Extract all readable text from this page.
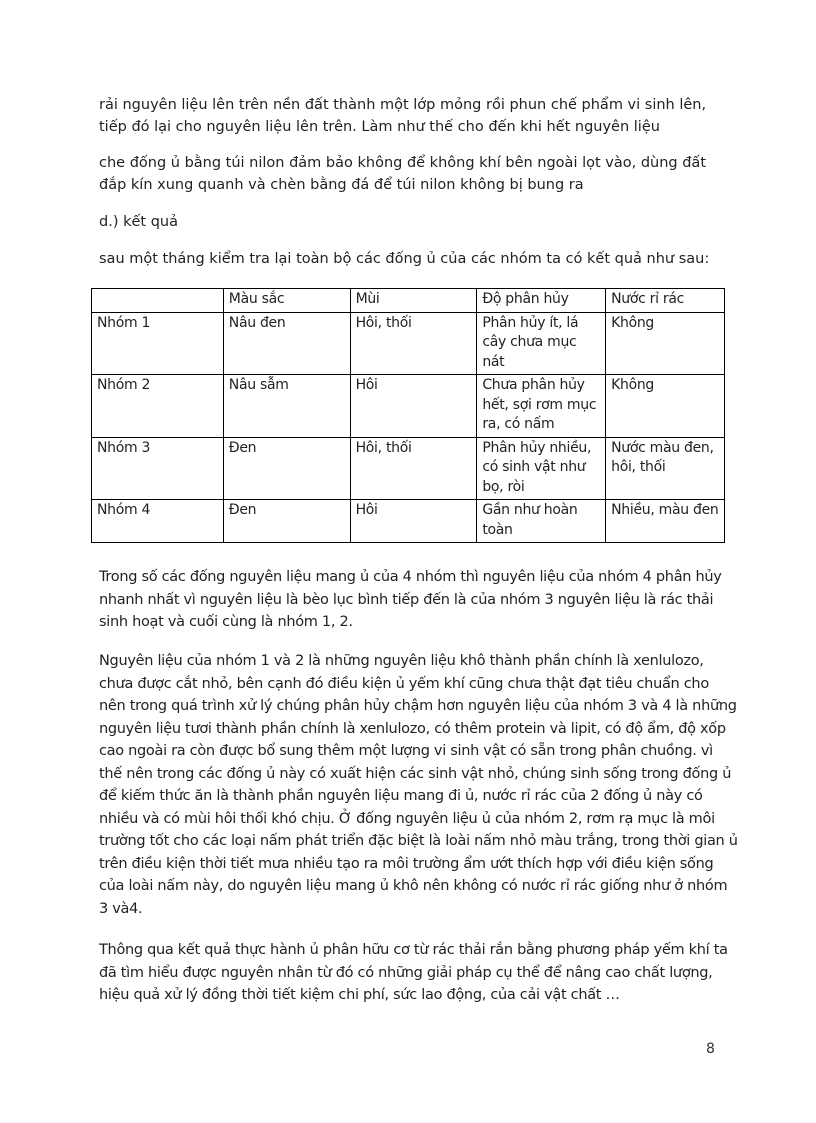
rải nguyên liệu lên trên nền đất thành một lớp mỏng rồi phun chế phẩm vi sinh lên,
tiếp đó lại cho nguyên liệu lên trên. Làm như thế cho đến khi hết nguyên liệu
che đống ủ bằng túi nilon đảm bảo không để không khí bên ngoài lọt vào, dùng đất
đắp kín xung quanh và chèn bằng đá để túi nilon không bị bung ra
d.) kết quả
sau một tháng kiểm tra lại toàn bộ các đống ủ của các nhóm ta có kết quả như sau:
	Màu sắc	Mùi	Độ phân hủy	Nước rỉ rác
Nhóm 1	Nâu đen	Hôi, thối	Phân hủy ít, lá cây chưa mục nát	Không
Nhóm 2	Nâu sẫm	Hôi	Chưa phân hủy hết, sợi rơm mục ra, có nấm	Không
Nhóm 3	Đen	Hôi, thối	Phân hủy nhiều, có sinh vật như bọ, ròi	Nước màu đen, hôi, thối
Nhóm 4	Đen	Hôi	Gần như hoàn toàn	Nhiều, màu đen

Trong số các đống nguyên liệu mang ủ của 4 nhóm thì nguyên liệu của nhóm 4 phân hủy nhanh nhất vì nguyên liệu là bèo lục bình tiếp đến là của nhóm 3 nguyên liệu là rác thải sinh hoạt và cuối cùng là nhóm 1, 2.

Nguyên liệu của nhóm 1 và 2 là những nguyên liệu khô thành phần chính là xenlulozo, chưa được cắt nhỏ, bên cạnh đó điều kiện ủ yếm khí cũng chưa thật đạt tiêu chuẩn cho nên trong quá trình xử lý chúng phân hủy chậm hơn nguyên liệu của nhóm 3 và 4 là những nguyên liệu tươi thành phần chính là xenlulozo, có thêm protein và lipit, có độ ẩm, độ xốp cao ngoài ra còn được bổ sung thêm một lượng vi sinh vật có sẵn trong phân chuồng. vì thế nên trong các đống ủ này có xuất hiện các sinh vật nhỏ, chúng sinh sống trong đống ủ để kiếm thức ăn là thành phần nguyên liệu mang đi ủ, nước rỉ rác của 2 đống ủ này có nhiều và có mùi hôi thối khó chịu. Ở đống nguyên liệu ủ của nhóm 2, rơm rạ mục là môi trường tốt cho các loại nấm phát triển đặc biệt là loài nấm nhỏ màu trắng, trong thời gian ủ trên điều kiện thời tiết mưa nhiều tạo ra môi trường ẩm ướt thích hợp với điều kiện sống của loài nấm này, do nguyên liệu mang ủ khô nên không có nước rỉ rác giống như ở nhóm 3 và4.

Thông qua kết quả thực hành ủ phân hữu cơ từ rác thải rắn bằng phương pháp yếm khí ta đã tìm hiểu được nguyên nhân từ đó có những giải pháp cụ thể để nâng cao chất lượng, hiệu quả xử lý đồng thời tiết kiệm chi phí, sức lao động, của cải vật chất …

8
